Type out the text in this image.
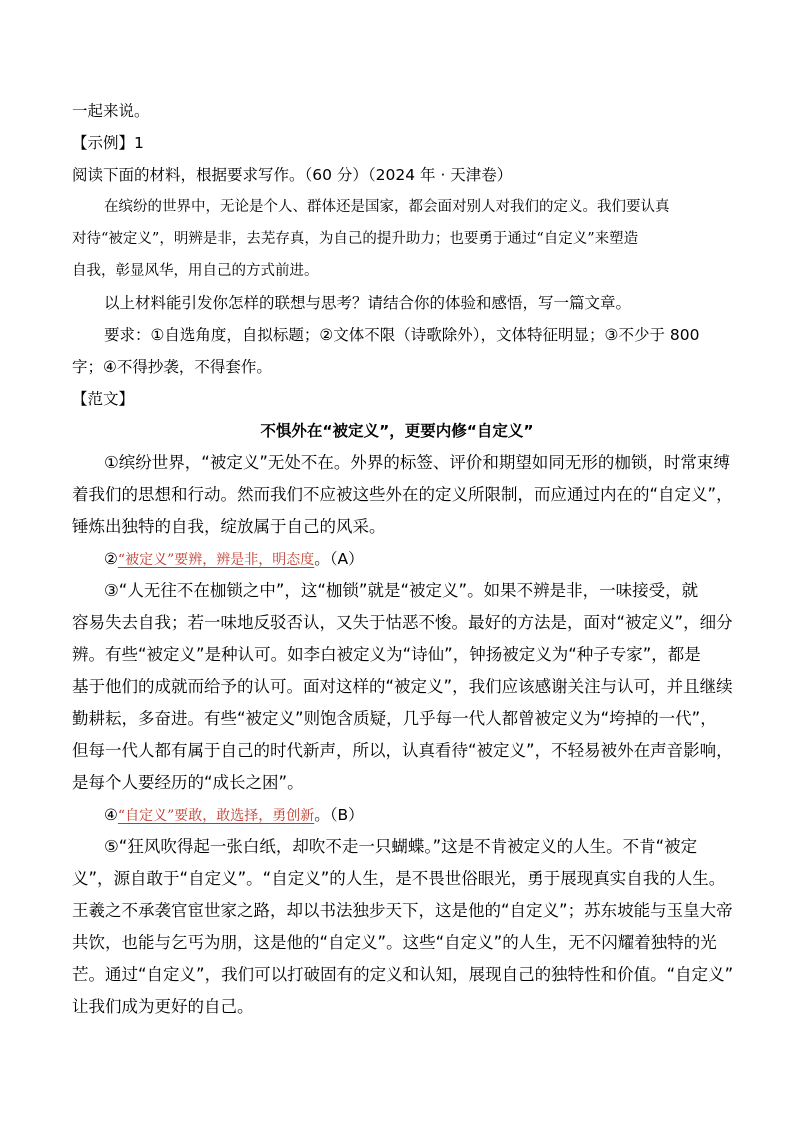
一起来说。
【示例】1
阅读下面的材料，根据要求写作。（60 分）（2024 年 · 天津卷）
在缤纷的世界中，无论是个人、群体还是国家，都会面对别人对我们的定义。我们要认真
对待“被定义”，明辨是非，去芜存真，为自己的提升助力；也要勇于通过“自定义”来塑造
自我，彰显风华，用自己的方式前进。
以上材料能引发你怎样的联想与思考？请结合你的体验和感悟，写一篇文章。
要求：①自选角度，自拟标题；②文体不限（诗歌除外），文体特征明显；③不少于 800
字；④不得抄袭，不得套作。
【范文】
不惧外在“被定义”，更要内修“自定义”
①缤纷世界，“被定义”无处不在。外界的标签、评价和期望如同无形的枷锁，时常束缚
着我们的思想和行动。然而我们不应被这些外在的定义所限制，而应通过内在的“自定义”，
锤炼出独特的自我，绽放属于自己的风采。
②“被定义”要辨，辨是非，明态度。（A）
③“人无往不在枷锁之中”，这“枷锁”就是“被定义”。如果不辨是非，一味接受，就
容易失去自我；若一味地反驳否认，又失于怙恶不悛。最好的方法是，面对“被定义”，细分
辨。有些“被定义”是种认可。如李白被定义为“诗仙”，钟扬被定义为“种子专家”，都是
基于他们的成就而给予的认可。面对这样的“被定义”，我们应该感谢关注与认可，并且继续
勤耕耘，多奋进。有些“被定义”则饱含质疑，几乎每一代人都曾被定义为“垮掉的一代”，
但每一代人都有属于自己的时代新声，所以，认真看待“被定义”，不轻易被外在声音影响，
是每个人要经历的“成长之困”。
④“自定义”要敢，敢选择，勇创新。（B）
⑤“狂风吹得起一张白纸，却吹不走一只蝴蝶。”这是不肯被定义的人生。不肯“被定
义”，源自敢于“自定义”。“自定义”的人生，是不畏世俗眼光，勇于展现真实自我的人生。
王羲之不承袭官宦世家之路，却以书法独步天下，这是他的“自定义”；苏东坡能与玉皇大帝
共饮，也能与乞丐为朋，这是他的“自定义”。这些“自定义”的人生，无不闪耀着独特的光
芒。通过“自定义”，我们可以打破固有的定义和认知，展现自己的独特性和价值。“自定义”
让我们成为更好的自己。
